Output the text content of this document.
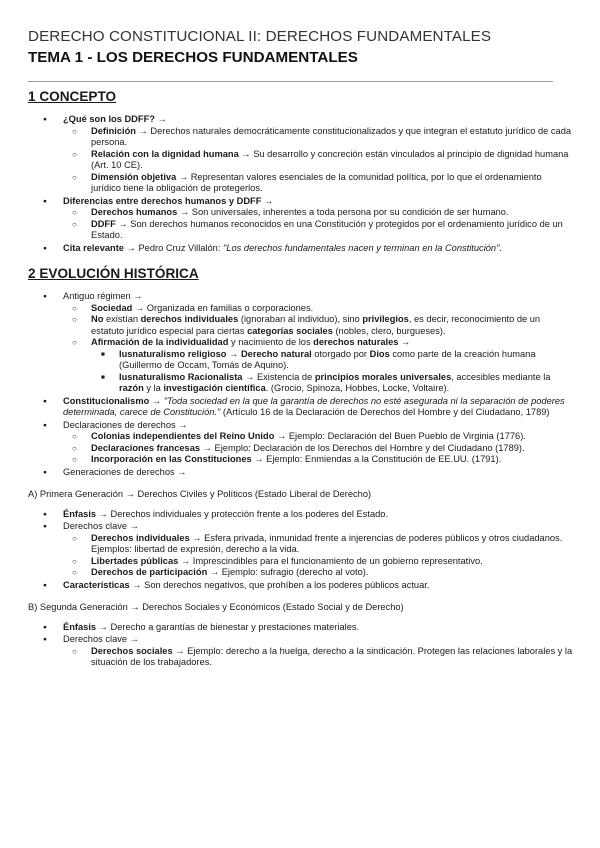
DERECHO CONSTITUCIONAL II: DERECHOS FUNDAMENTALES
TEMA 1 - LOS DERECHOS FUNDAMENTALES
1 CONCEPTO
● ¿Qué son los DDFF? →
○ Definición → Derechos naturales democráticamente constitucionalizados y que integran el estatuto jurídico de cada persona.
○ Relación con la dignidad humana → Su desarrollo y concreción están vinculados al principio de dignidad humana (Art. 10 CE).
○ Dimensión objetiva → Representan valores esenciales de la comunidad política, por lo que el ordenamiento jurídico tiene la obligación de protegerlos.
● Diferencias entre derechos humanos y DDFF →
○ Derechos humanos → Son universales, inherentes a toda persona por su condición de ser humano.
○ DDFF → Son derechos humanos reconocidos en una Constitución y protegidos por el ordenamiento jurídico de un Estado.
● Cita relevante → Pedro Cruz Villalón: "Los derechos fundamentales nacen y terminan en la Constitución".
2 EVOLUCIÓN HISTÓRICA
● Antiguo régimen →
○ Sociedad → Organizada en familias o corporaciones.
○ No existían derechos individuales (ignoraban al individuo), sino privilegios, es decir, reconocimiento de un estatuto jurídico especial para ciertas categorías sociales (nobles, clero, burgueses).
○ Afirmación de la individualidad y nacimiento de los derechos naturales →
■ Iusnaturalismo religioso → Derecho natural otorgado por Dios como parte de la creación humana (Guillermo de Occam, Tomás de Aquino).
■ Iusnaturalismo Racionalista → Existencia de principios morales universales, accesibles mediante la razón y la investigación científica. (Grocio, Spinoza, Hobbes, Locke, Voltaire).
● Constitucionalismo → "Toda sociedad en la que la garantía de derechos no esté asegurada ni la separación de poderes determinada, carece de Constitución." (Artículo 16 de la Declaración de Derechos del Hombre y del Ciudadano, 1789)
● Declaraciones de derechos →
○ Colonias independientes del Reino Unido → Ejemplo: Declaración del Buen Pueblo de Virginia (1776).
○ Declaraciones francesas → Ejemplo: Declaración de los Derechos del Hombre y del Ciudadano (1789).
○ Incorporación en las Constituciones → Ejemplo: Enmiendas a la Constitución de EE.UU. (1791).
● Generaciones de derechos →
A) Primera Generación → Derechos Civiles y Políticos (Estado Liberal de Derecho)
● Énfasis → Derechos individuales y protección frente a los poderes del Estado.
● Derechos clave →
○ Derechos individuales → Esfera privada, inmunidad frente a injerencias de poderes públicos y otros ciudadanos. Ejemplos: libertad de expresión, derecho a la vida.
○ Libertades públicas → Imprescindibles para el funcionamiento de un gobierno representativo.
○ Derechos de participación → Ejemplo: sufragio (derecho al voto).
● Características → Son derechos negativos, que prohíben a los poderes públicos actuar.
B) Segunda Generación → Derechos Sociales y Económicos (Estado Social y de Derecho)
● Énfasis → Derecho a garantías de bienestar y prestaciones materiales.
● Derechos clave →
○ Derechos sociales → Ejemplo: derecho a la huelga, derecho a la sindicación. Protegen las relaciones laborales y la situación de los trabajadores.
